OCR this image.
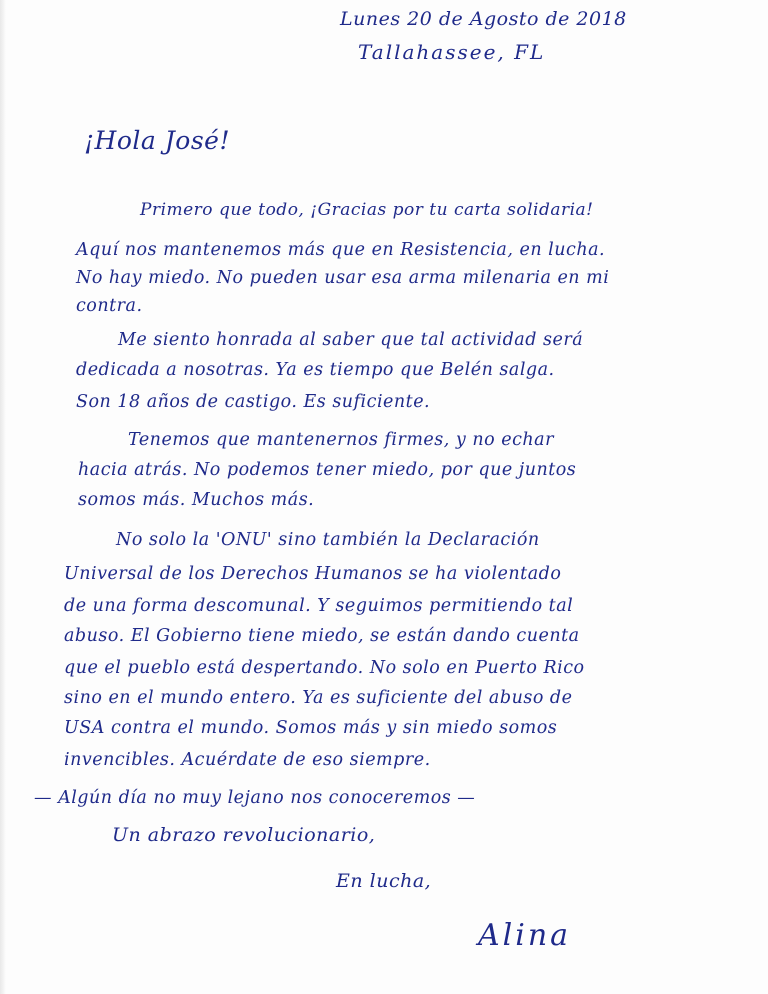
Lunes 20 de Agosto de 2018

Tallahassee, FL

¡Hola José!

Primero que todo, ¡Gracias por tu carta solidaria!

Aquí nos mantenemos más que en Resistencia, en lucha.

No hay miedo. No pueden usar esa arma milenaria en mi

contra.

Me siento honrada al saber que tal actividad será

dedicada a nosotras. Ya es tiempo que Belén salga.

Son 18 años de castigo. Es suficiente.

Tenemos que mantenernos firmes, y no echar

hacia atrás. No podemos tener miedo, por que juntos

somos más. Muchos más.

No solo la 'ONU' sino también la Declaración

Universal de los Derechos Humanos se ha violentado

de una forma descomunal. Y seguimos permitiendo tal

abuso. El Gobierno tiene miedo, se están dando cuenta

que el pueblo está despertando. No solo en Puerto Rico

sino en el mundo entero. Ya es suficiente del abuso de

USA contra el mundo. Somos más y sin miedo somos

invencibles. Acuérdate de eso siempre.

— Algún día no muy lejano nos conoceremos —

Un abrazo revolucionario,

En lucha,

Alina
